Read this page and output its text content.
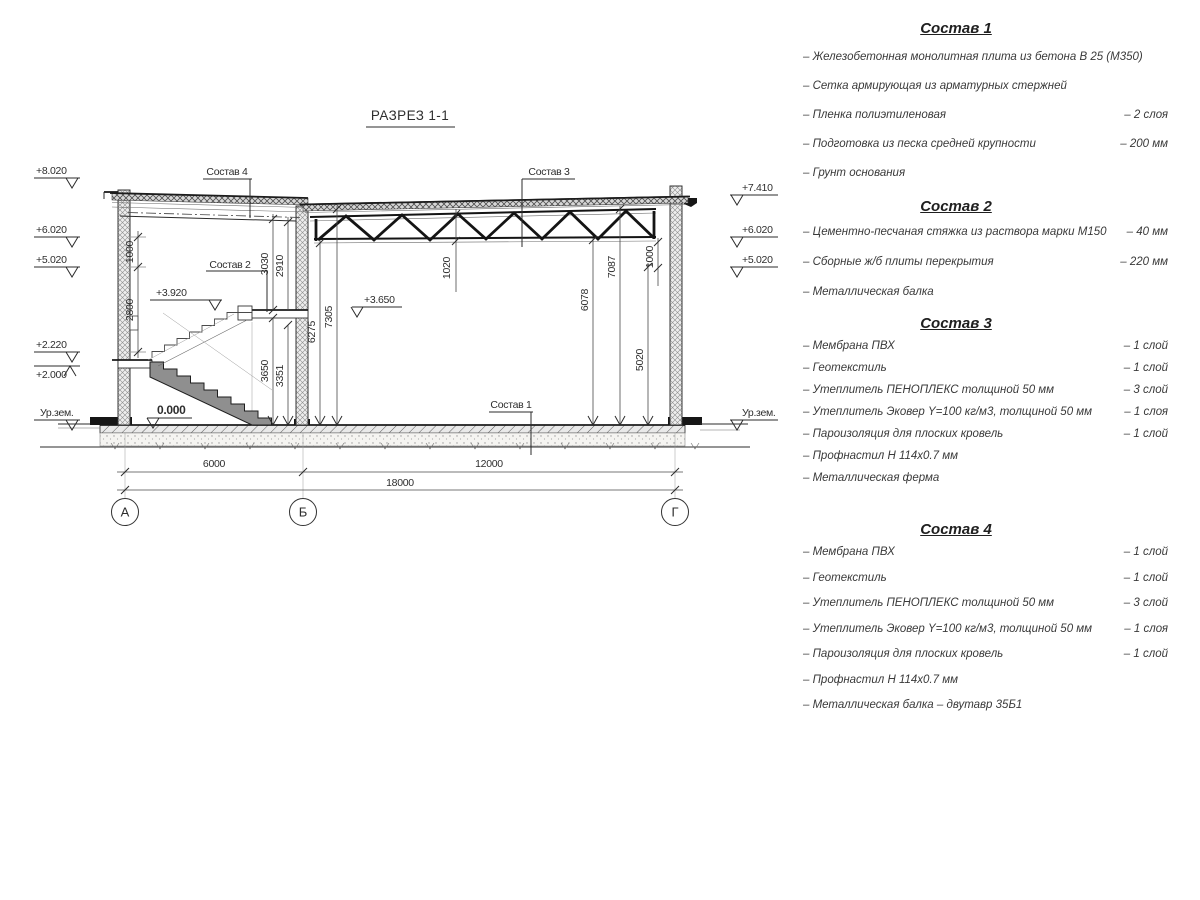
РАЗРЕЗ 1-1
+8.020
+6.020
+5.020
+2.220
+2.000
Ур.зем.
+7.410
+6.020
+5.020
Ур.зем.
+3.920
+3.650
0.000
1000
2800
3030 2910
3650 3351
6275
7305
1020
6078
7087
5020
1000
6000	12000
18000
А	Б	Г
Состав 4	Состав 3
Состав 2
Состав 1
Состав 1
– Железобетонная монолитная плита из бетона В 25 (М350)
– Сетка армирующая из арматурных стержней
– Пленка полиэтиленовая	– 2 слоя
– Подготовка из песка средней крупности	– 200 мм
– Грунт основания
Состав 2
– Цементно-песчаная стяжка из раствора марки М150	– 40 мм
– Сборные ж/б плиты перекрытия	– 220 мм
– Металлическая балка
Состав 3
– Мембрана ПВХ	– 1 слой
– Геотекстиль	– 1 слой
– Утеплитель ПЕНОПЛЕКС толщиной 50 мм	– 3 слой
– Утеплитель Эковер Y=100 кг/м3, толщиной 50 мм	– 1 слоя
– Пароизоляция для плоских кровель	– 1 слой
– Профнастил Н 114х0.7 мм
– Металлическая ферма
Состав 4
– Мембрана ПВХ	– 1 слой
– Геотекстиль	– 1 слой
– Утеплитель ПЕНОПЛЕКС толщиной 50 мм	– 3 слой
– Утеплитель Эковер Y=100 кг/м3, толщиной 50 мм	– 1 слоя
– Пароизоляция для плоских кровель	– 1 слой
– Профнастил Н 114х0.7 мм
– Металлическая балка – двутавр 35Б1
